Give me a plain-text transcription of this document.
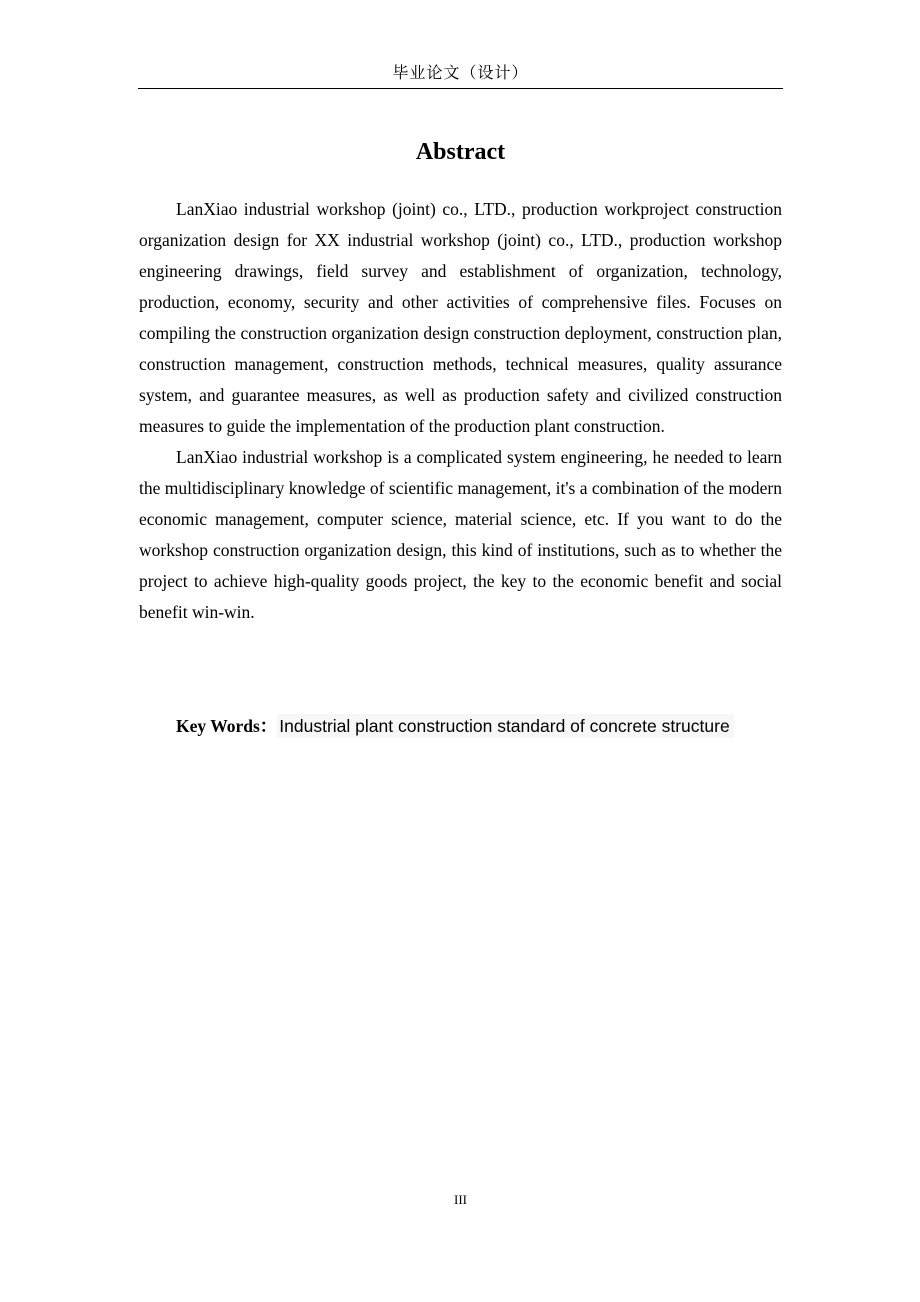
毕业论文（设计）
Abstract

LanXiao industrial workshop (joint) co., LTD., production workproject construction organization design for XX industrial workshop (joint) co., LTD., production workshop engineering drawings, field survey and establishment of organization, technology, production, economy, security and other activities of comprehensive files. Focuses on compiling the construction organization design construction deployment, construction plan, construction management, construction methods, technical measures, quality assurance system, and guarantee measures, as well as production safety and civilized construction measures to guide the implementation of the production plant construction.

LanXiao industrial workshop is a complicated system engineering, he needed to learn the multidisciplinary knowledge of scientific management, it's a combination of the modern economic management, computer science, material science, etc. If you want to do the workshop construction organization design, this kind of institutions, such as to whether the project to achieve high-quality goods project, the key to the economic benefit and social benefit win-win.

Key Words： Industrial plant construction standard of concrete structure
III
